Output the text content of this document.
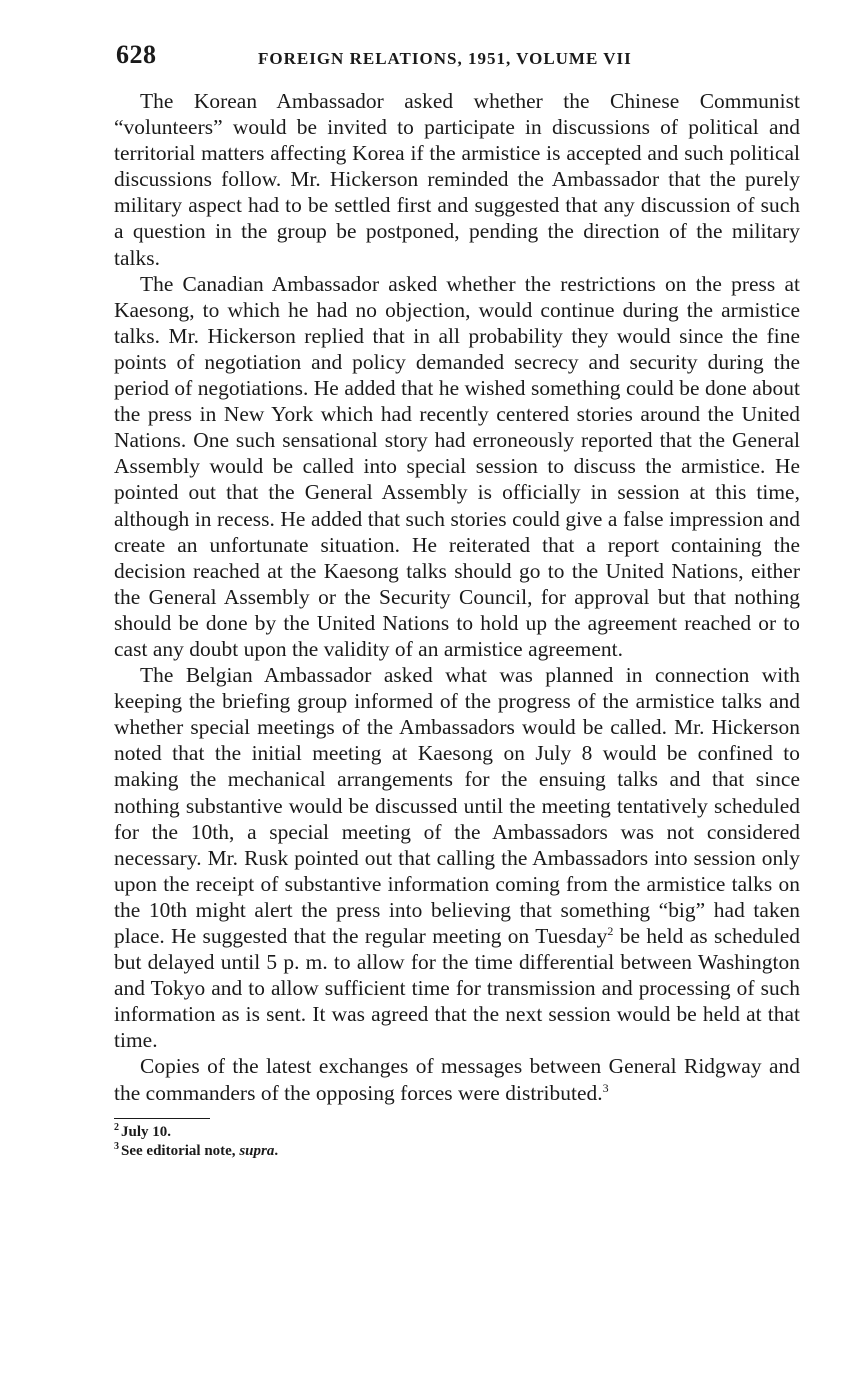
628	FOREIGN RELATIONS, 1951, VOLUME VII

The Korean Ambassador asked whether the Chinese Communist “volunteers” would be invited to participate in discussions of political and territorial matters affecting Korea if the armistice is accepted and such political discussions follow. Mr. Hickerson reminded the Ambassador that the purely military aspect had to be settled first and suggested that any discussion of such a question in the group be postponed, pending the direction of the military talks.

The Canadian Ambassador asked whether the restrictions on the press at Kaesong, to which he had no objection, would continue during the armistice talks. Mr. Hickerson replied that in all probability they would since the fine points of negotiation and policy demanded secrecy and security during the period of negotiations. He added that he wished something could be done about the press in New York which had recently centered stories around the United Nations. One such sensational story had erroneously reported that the General Assembly would be called into special session to discuss the armistice. He pointed out that the General Assembly is officially in session at this time, although in recess. He added that such stories could give a false impression and create an unfortunate situation. He reiterated that a report containing the decision reached at the Kaesong talks should go to the United Nations, either the General Assembly or the Security Council, for approval but that nothing should be done by the United Nations to hold up the agreement reached or to cast any doubt upon the validity of an armistice agreement.

The Belgian Ambassador asked what was planned in connection with keeping the briefing group informed of the progress of the armistice talks and whether special meetings of the Ambassadors would be called. Mr. Hickerson noted that the initial meeting at Kaesong on July 8 would be confined to making the mechanical arrangements for the ensuing talks and that since nothing substantive would be discussed until the meeting tentatively scheduled for the 10th, a special meeting of the Ambassadors was not considered necessary. Mr. Rusk pointed out that calling the Ambassadors into session only upon the receipt of substantive information coming from the armistice talks on the 10th might alert the press into believing that something “big” had taken place. He suggested that the regular meeting on Tuesday$^2$ be held as scheduled but delayed until 5 p. m. to allow for the time differential between Washington and Tokyo and to allow sufficient time for transmission and processing of such information as is sent. It was agreed that the next session would be held at that time.

Copies of the latest exchanges of messages between General Ridgway and the commanders of the opposing forces were distributed.$^3$

$^2$ July 10.

$^3$ See editorial note, supra.
